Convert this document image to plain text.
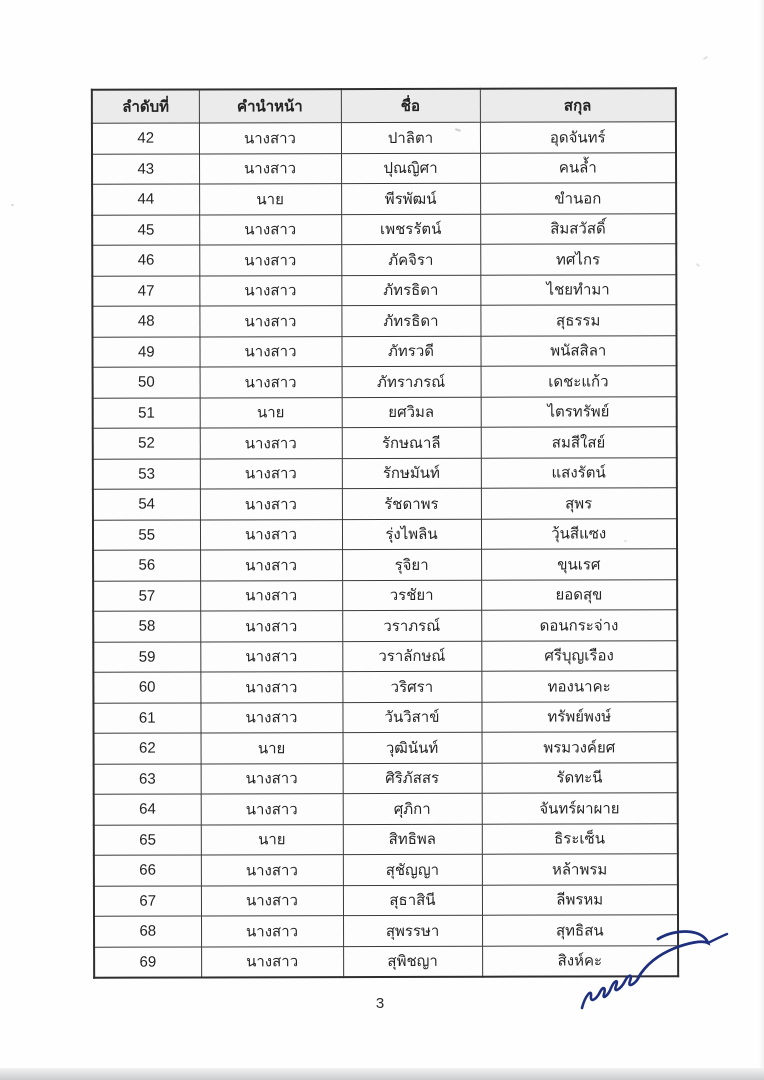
ลำดับที่	คำนำหน้า	ชื่อ	สกุล
42	นางสาว	ปาลิตา	อุดจันทร์
43	นางสาว	ปุณญิศา	คนล้ำ
44	นาย	พีรพัฒน์	ขำนอก
45	นางสาว	เพชรรัตน์	สิมสวัสดิ์
46	นางสาว	ภัคจิรา	ทศไกร
47	นางสาว	ภัทรธิดา	ไชยทำมา
48	นางสาว	ภัทรธิดา	สุธรรม
49	นางสาว	ภัทรวดี	พนัสสิลา
50	นางสาว	ภัทราภรณ์	เดชะแก้ว
51	นาย	ยศวิมล	ไตรทรัพย์
52	นางสาว	รักษณาลี	สมสีใสย์
53	นางสาว	รักษมันท์	แสงรัตน์
54	นางสาว	รัชดาพร	สุพร
55	นางสาว	รุ่งไพลิน	วุ้นสีแซง
56	นางสาว	รุจิยา	ขุนเรศ
57	นางสาว	วรชัยา	ยอดสุข
58	นางสาว	วราภรณ์	ดอนกระจ่าง
59	นางสาว	วราลักษณ์	ศรีบุญเรือง
60	นางสาว	วริศรา	ทองนาคะ
61	นางสาว	วันวิสาข์	ทรัพย์พงษ์
62	นาย	วุฒินันท์	พรมวงค์ยศ
63	นางสาว	ศิริภัสสร	รัดทะนี
64	นางสาว	ศุภิกา	จันทร์ผาผาย
65	นาย	สิทธิพล	ธิระเซ็น
66	นางสาว	สุชัญญา	หล้าพรม
67	นางสาว	สุธาสินี	ลีพรหม
68	นางสาว	สุพรรษา	สุทธิสน
69	นางสาว	สุพิชญา	สิงห์คะ
3
